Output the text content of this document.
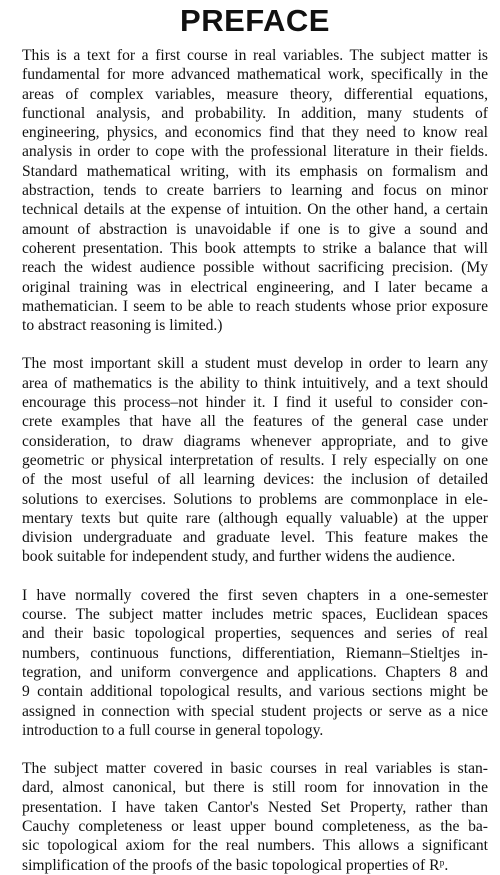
PREFACE

This is a text for a first course in real variables. The subject matter is
fundamental for more advanced mathematical work, specifically in the
areas of complex variables, measure theory, differential equations,
functional analysis, and probability. In addition, many students of
engineering, physics, and economics find that they need to know real
analysis in order to cope with the professional literature in their fields.
Standard mathematical writing, with its emphasis on formalism and
abstraction, tends to create barriers to learning and focus on minor
technical details at the expense of intuition. On the other hand, a certain
amount of abstraction is unavoidable if one is to give a sound and
coherent presentation. This book attempts to strike a balance that will
reach the widest audience possible without sacrificing precision. (My
original training was in electrical engineering, and I later became a
mathematician. I seem to be able to reach students whose prior exposure
to abstract reasoning is limited.)

The most important skill a student must develop in order to learn any
area of mathematics is the ability to think intuitively, and a text should
encourage this process–not hinder it. I find it useful to consider con-
crete examples that have all the features of the general case under
consideration, to draw diagrams whenever appropriate, and to give
geometric or physical interpretation of results. I rely especially on one
of the most useful of all learning devices: the inclusion of detailed
solutions to exercises. Solutions to problems are commonplace in ele-
mentary texts but quite rare (although equally valuable) at the upper
division undergraduate and graduate level. This feature makes the
book suitable for independent study, and further widens the audience.

I have normally covered the first seven chapters in a one-semester
course. The subject matter includes metric spaces, Euclidean spaces
and their basic topological properties, sequences and series of real
numbers, continuous functions, differentiation, Riemann–Stieltjes in-
tegration, and uniform convergence and applications. Chapters 8 and
9 contain additional topological results, and various sections might be
assigned in connection with special student projects or serve as a nice
introduction to a full course in general topology.

The subject matter covered in basic courses in real variables is stan-
dard, almost canonical, but there is still room for innovation in the
presentation. I have taken Cantor's Nested Set Property, rather than
Cauchy completeness or least upper bound completeness, as the ba-
sic topological axiom for the real numbers. This allows a significant
simplification of the proofs of the basic topological properties of Rᵖ.
